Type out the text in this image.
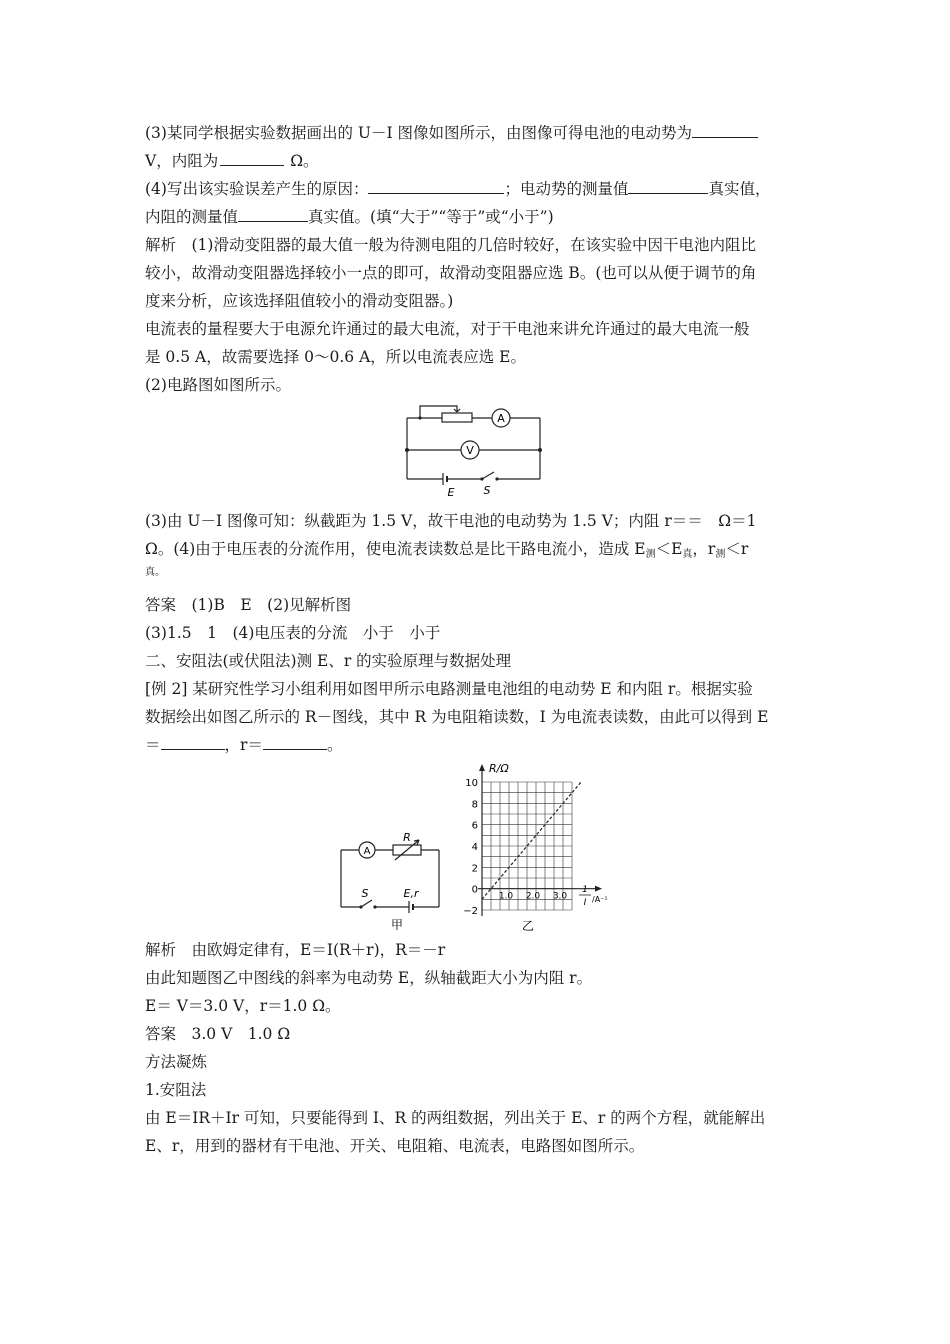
(3)某同学根据实验数据画出的 U－I 图像如图所示，由图像可得电池的电动势为
V，内阻为	Ω。
(4)写出该实验误差产生的原因：	；电动势的测量值	真实值，
内阻的测量值	真实值。(填“大于”“等于”或“小于”)
解析　(1)滑动变阻器的最大值一般为待测电阻的几倍时较好，在该实验中因干电池内阻比
较小，故滑动变阻器选择较小一点的即可，故滑动变阻器应选 B。(也可以从便于调节的角
度来分析，应该选择阻值较小的滑动变阻器。)
电流表的量程要大于电源允许通过的最大电流，对于干电池来讲允许通过的最大电流一般
是 0.5 A，故需要选择 0～0.6 A，所以电流表应选 E。
(2)电路图如图所示。
A
V
E	S
(3)由 U－I 图像可知：纵截距为 1.5 V，故干电池的电动势为 1.5 V；内阻 r＝＝　Ω＝1
Ω。(4)由于电压表的分流作用，使电流表读数总是比干路电流小，造成 $E_测<E_真$，$r_测<r$
真。
答案　(1)B　E　(2)见解析图
(3)1.5　1　(4)电压表的分流　小于　小于
二、安阻法(或伏阻法)测 E、r 的实验原理与数据处理
[例 2] 某研究性学习小组利用如图甲所示电路测量电池组的电动势 E 和内阻 r。根据实验
数据绘出如图乙所示的 R－图线，其中 R 为电阻箱读数，I 为电流表读数，由此可以得到 E
＝	，r＝	。
A
R
S	E,r
甲
10
8
6
4
2
0
−2
1.0 2.0 3.0
R/Ω
1
I /A⁻¹
乙
解析　由欧姆定律有，E＝I(R＋r)，R＝－r
由此知题图乙中图线的斜率为电动势 E，纵轴截距大小为内阻 r。
E＝ V＝3.0 V，r＝1.0 Ω。
答案　3.0 V　1.0 Ω
方法凝炼
1.安阻法
由 E＝IR＋Ir 可知，只要能得到 I、R 的两组数据，列出关于 E、r 的两个方程，就能解出
E、r，用到的器材有干电池、开关、电阻箱、电流表，电路图如图所示。
